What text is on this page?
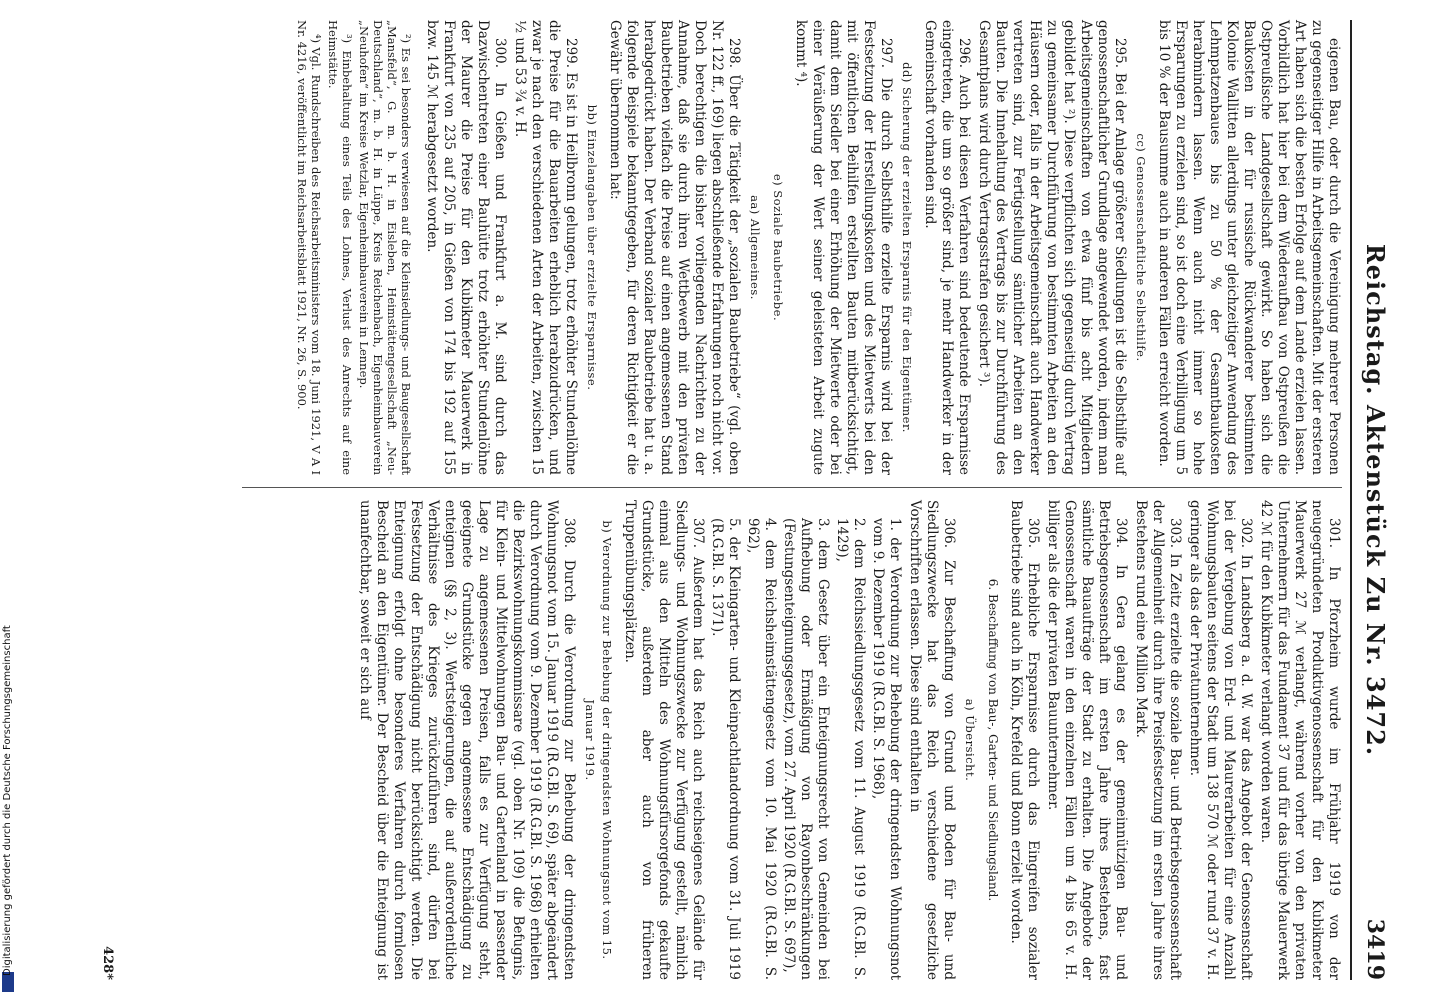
Digitalisierung gefördert durch die Deutsche Forschungsgemeinschaft
Reichstag. Aktenstück Zu Nr. 3472.
3419

eigenen Bau, oder durch die Vereinigung mehrerer Personen zu gegenseitiger Hilfe in Arbeitsgemeinschaften. Mit der ersteren Art haben sich die besten Erfolge auf dem Lande erzielen lassen. Vorbildlich hat hier bei dem Wiederaufbau von Ostpreußen die Ostpreußische Landgesellschaft gewirkt. So haben sich die Baukosten in der für russische Rückwanderer bestimmten Kolonie Wallitten allerdings unter gleichzeitiger Anwendung des Lehmpatzenbaues bis zu 50 % der Gesamtbaukosten herabmindern lassen. Wenn auch nicht immer so hohe Ersparungen zu erzielen sind, so ist doch eine Verbilligung um 5 bis 10 % der Bausumme auch in anderen Fällen erreicht worden.

cc) Genossenschaftliche Selbsthilfe.

295. Bei der Anlage größerer Siedlungen ist die Selbsthilfe auf genossenschaftlicher Grundlage angewendet worden, indem man Arbeitsgemeinschaften von etwa fünf bis acht Mitgliedern gebildet hat ²). Diese verpflichten sich gegenseitig durch Vertrag zu gemeinsamer Durchführung von bestimmten Arbeiten an den Häusern oder, falls in der Arbeitsgemeinschaft auch Handwerker vertreten sind, zur Fertigstellung sämtlicher Arbeiten an den Bauten. Die Innehaltung des Vertrags bis zur Durchführung des Gesamtplans wird durch Vertragsstrafen gesichert ³).

296. Auch bei diesen Verfahren sind bedeutende Ersparnisse eingetreten, die um so größer sind, je mehr Handwerker in der Gemeinschaft vorhanden sind.

dd) Sicherung der erzielten Ersparnis für den Eigentümer.

297. Die durch Selbsthilfe erzielte Ersparnis wird bei der Festsetzung der Herstellungskosten und des Mietwerts bei den mit öffentlichen Beihilfen erstellten Bauten mitberücksichtigt, damit dem Siedler bei einer Erhöhung der Mietwerte oder bei einer Veräußerung der Wert seiner geleisteten Arbeit zugute kommt ⁴).

e) Soziale Baubetriebe.

aa) Allgemeines.

298. Über die Tätigkeit der „sozialen Baubetriebe“ (vgl. oben Nr. 122 ff., 169) liegen abschließende Erfahrungen noch nicht vor. Doch berechtigen die bisher vorliegenden Nachrichten zu der Annahme, daß sie durch ihren Wettbewerb mit den privaten Baubetrieben vielfach die Preise auf einen angemessenen Stand herabgedrückt haben. Der Verband sozialer Baubetriebe hat u. a. folgende Beispiele bekanntgegeben, für deren Richtigkeit er die Gewähr übernommen hat:

bb) Einzelangaben über erzielte Ersparnisse.

299. Es ist in Heilbronn gelungen, trotz erhöhter Stundenlöhne die Preise für die Bauarbeiten erheblich herabzudrücken, und zwar je nach den verschiedenen Arten der Arbeiten, zwischen 15 ½ und 53 ¾ v. H.

300. In Gießen und Frankfurt a. M. sind durch das Dazwischentreten einer Bauhütte trotz erhöhter Stundenlöhne der Maurer die Preise für den Kubikmeter Mauerwerk in Frankfurt von 235 auf 205, in Gießen von 174 bis 192 auf 155 bzw. 145 ℳ herabgesetzt worden.

²) Es sei besonders verwiesen auf die Kleinsiedlungs- und Baugesellschaft „Mansfeld“, G. m. b. H. in Eisleben, Heimstättengesellschaft „Neu-Deutschland“, m. b. H. in Lüppe, Kreis Reichenbach, Eigenheimbauverein „Neuhofen“ im Kreise Wetzlar, Eigenheimbauverein in Lennep.

³) Einbehaltung eines Teils des Lohnes, Verlust des Anrechts auf eine Heimstätte.

⁴) Vgl. Rundschreiben des Reichsarbeitsministers vom 18. Juni 1921, V A I Nr. 4216, veröffentlicht im Reichsarbeitsblatt 1921, Nr. 26, S. 900.

301. In Pforzheim wurde im Frühjahr 1919 von der neugegründeten Produktivgenossenschaft für den Kubikmeter Mauerwerk 27 ℳ verlangt, während vorher von den privaten Unternehmern für das Fundament 37 und für das übrige Mauerwerk 42 ℳ für den Kubikmeter verlangt worden waren.

302. In Landsberg a. d. W. war das Angebot der Genossenschaft bei der Vergebung von Erd- und Maurerarbeiten für eine Anzahl Wohnungsbauten seitens der Stadt um 138 570 ℳ oder rund 37 v. H. geringer als das der Privatunternehmer.

303. In Zeitz erzielte die soziale Bau- und Betriebsgenossenschaft der Allgemeinheit durch ihre Preisfestsetzung im ersten Jahre ihres Bestehens rund eine Million Mark.

304. In Gera gelang es der gemeinnützigen Bau- und Betriebsgenossenschaft im ersten Jahre ihres Bestehens, fast sämtliche Bauaufträge der Stadt zu erhalten. Die Angebote der Genossenschaft waren in den einzelnen Fällen um 4 bis 65 v. H. billiger als die der privaten Bauunternehmer.

305. Erhebliche Ersparnisse durch das Eingreifen sozialer Baubetriebe sind auch in Köln, Krefeld und Bonn erzielt worden.

6. Beschaffung von Bau-, Garten- und Siedlungsland.

a) Übersicht.

306. Zur Beschaffung von Grund und Boden für Bau- und Siedlungszwecke hat das Reich verschiedene gesetzliche Vorschriften erlassen. Diese sind enthalten in

1. der Verordnung zur Behebung der dringendsten Wohnungsnot vom 9. Dezember 1919 (R.G.Bl. S. 1968),
2. dem Reichssiedlungsgesetz vom 11. August 1919 (R.G.Bl. S. 1429),
3. dem Gesetz über ein Enteignungsrecht von Gemeinden bei Aufhebung oder Ermäßigung von Rayonbeschränkungen (Festungsenteignungsgesetz), vom 27. April 1920 (R.G.Bl. S. 697),
4. dem Reichsheimstättengesetz vom 10. Mai 1920 (R.G.Bl. S. 962),
5. der Kleingarten- und Kleinpachtlandordnung vom 31. Juli 1919 (R.G.Bl. S. 1371).

307. Außerdem hat das Reich auch reichseigenes Gelände für Siedlungs- und Wohnungszwecke zur Verfügung gestellt, nämlich einmal aus den Mitteln des Wohnungsfürsorgefonds gekaufte Grundstücke, außerdem aber auch von früheren Truppenübungsplätzen.

b) Verordnung zur Behebung der dringendsten Wohnungsnot vom 15. Januar 1919.

308. Durch die Verordnung zur Behebung der dringendsten Wohnungsnot vom 15. Januar 1919 (R.G.Bl. S. 69), später abgeändert durch Verordnung vom 9. Dezember 1919 (R.G.Bl. S. 1968) erhielten die Bezirkswohnungskommissare (vgl. oben Nr. 109) die Befugnis, für Klein- und Mittelwohnungen Bau- und Gartenland in passender Lage zu angemessenen Preisen, falls es zur Verfügung steht, geeignete Grundstücke gegen angemessene Entschädigung zu enteignen (§§ 2, 3). Wertsteigerungen, die auf außerordentliche Verhältnisse des Krieges zurückzuführen sind, dürfen bei Festsetzung der Entschädigung nicht berücksichtigt werden. Die Enteignung erfolgt ohne besonderes Verfahren durch formlosen Bescheid an den Eigentümer. Der Bescheid über die Enteignung ist unanfechtbar, soweit er sich auf

428*
